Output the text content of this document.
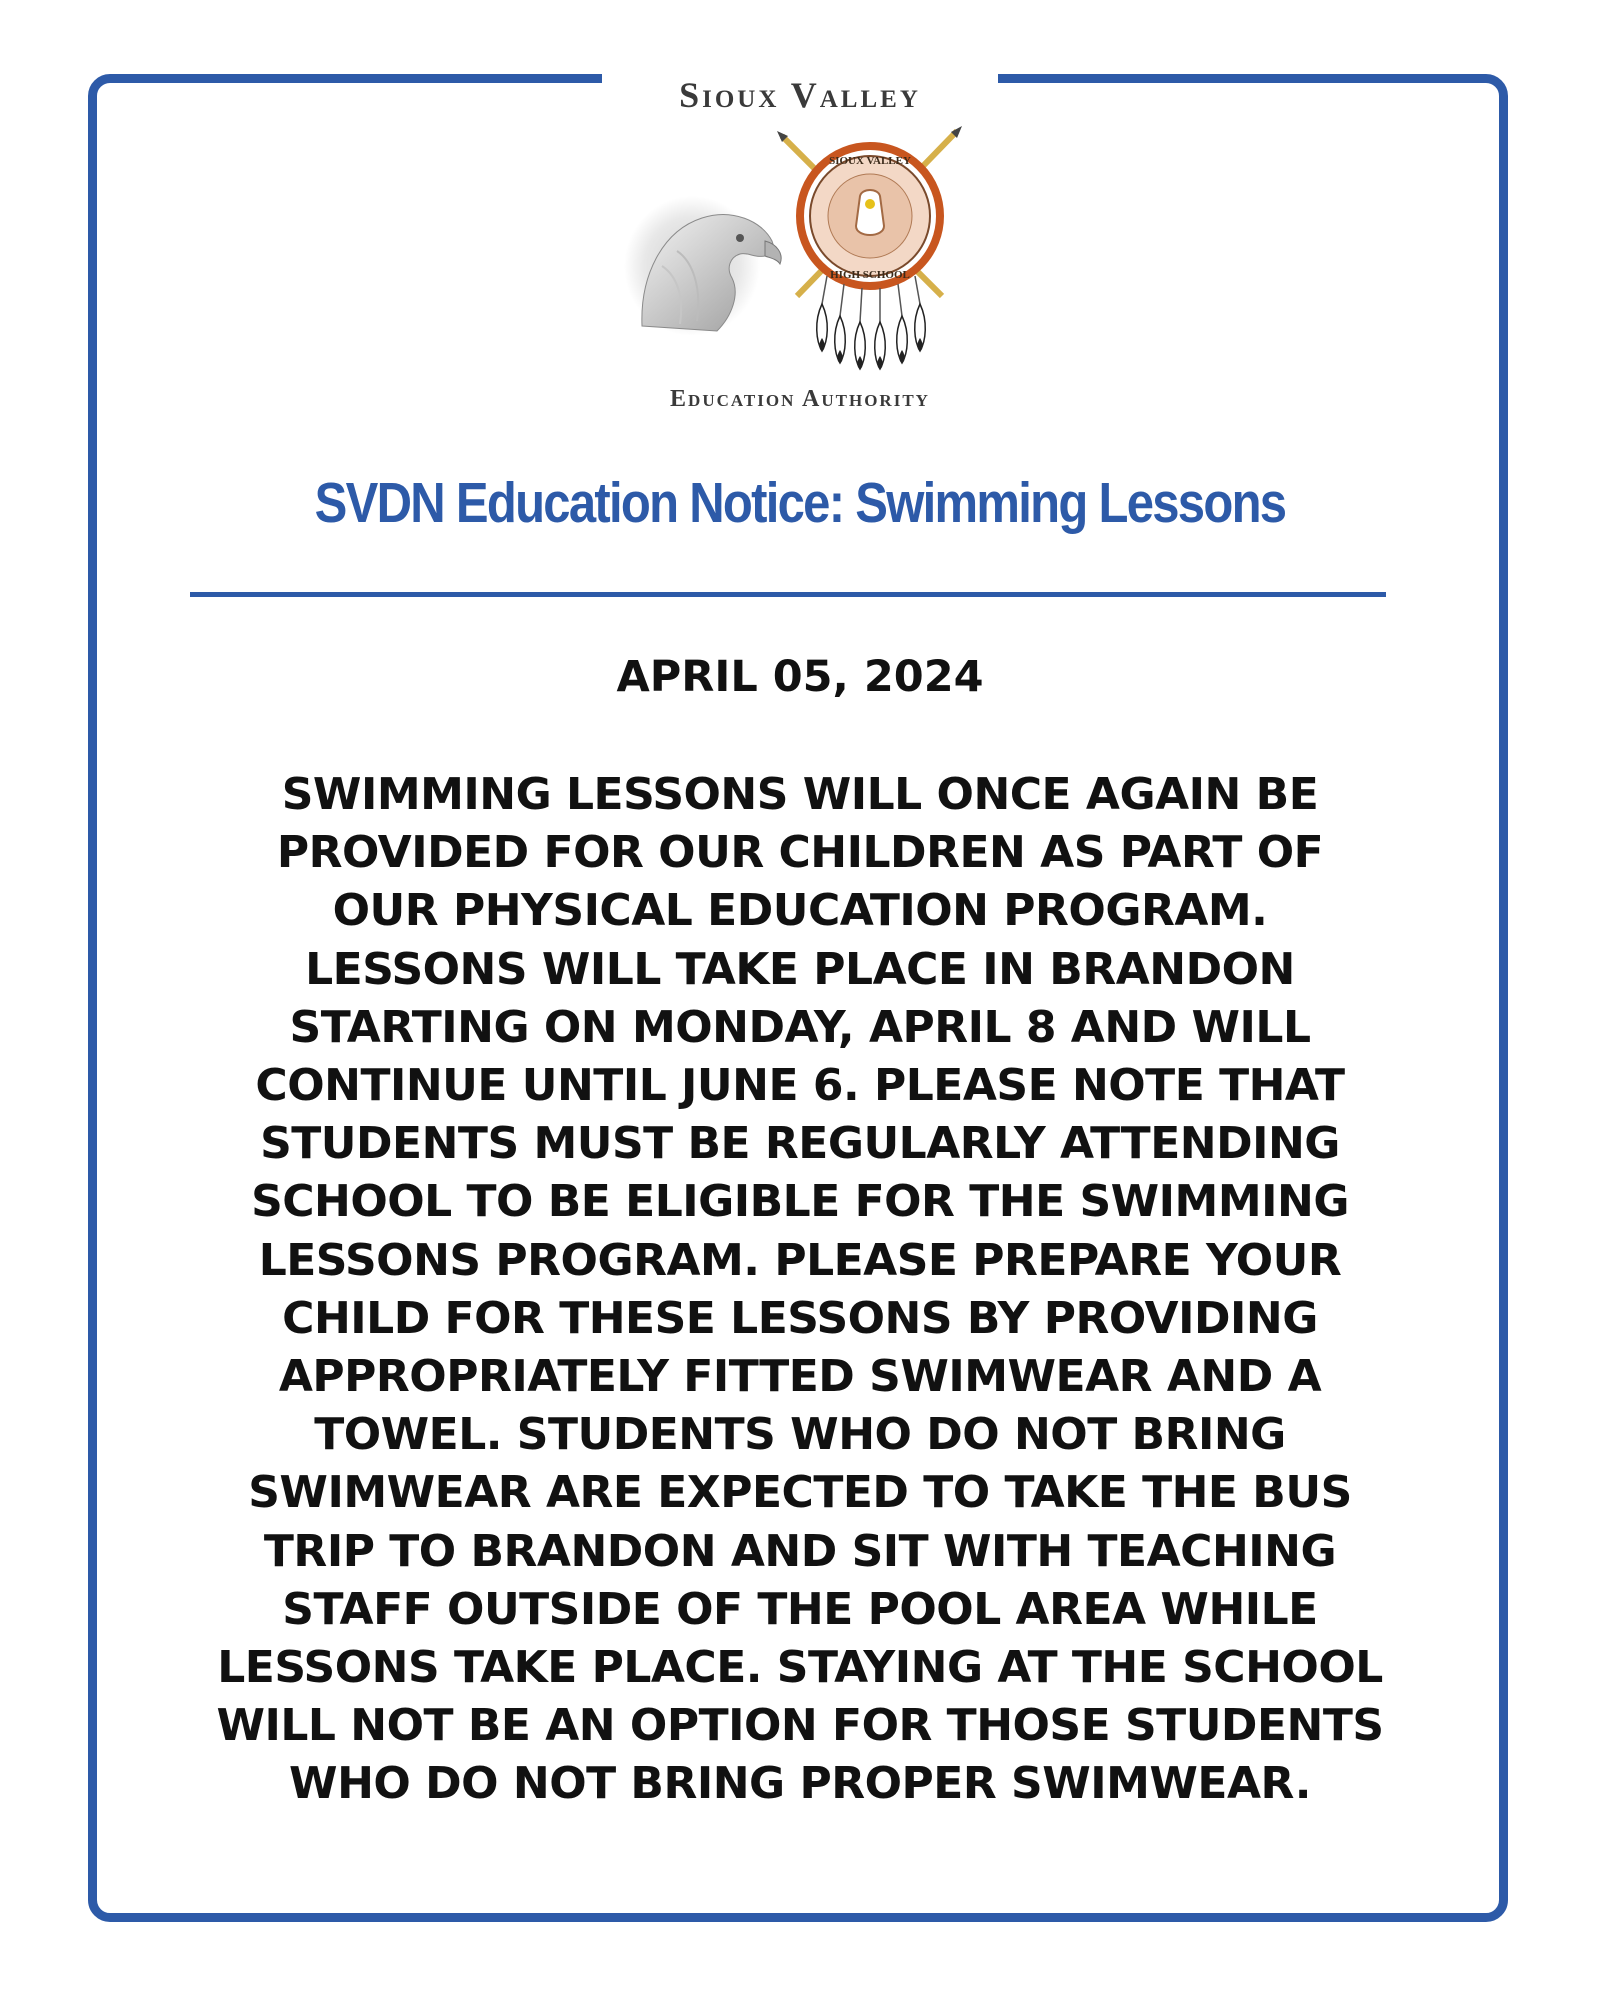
Sioux Valley
SIOUX VALLEY
HIGH SCHOOL
Education Authority
SVDN Education Notice: Swimming Lessons
APRIL 05, 2024
SWIMMING LESSONS WILL ONCE AGAIN BE
PROVIDED FOR OUR CHILDREN AS PART OF
OUR PHYSICAL EDUCATION PROGRAM.
LESSONS WILL TAKE PLACE IN BRANDON
STARTING ON MONDAY, APRIL 8 AND WILL
CONTINUE UNTIL JUNE 6. PLEASE NOTE THAT
STUDENTS MUST BE REGULARLY ATTENDING
SCHOOL TO BE ELIGIBLE FOR THE SWIMMING
LESSONS PROGRAM. PLEASE PREPARE YOUR
CHILD FOR THESE LESSONS BY PROVIDING
APPROPRIATELY FITTED SWIMWEAR AND A
TOWEL. STUDENTS WHO DO NOT BRING
SWIMWEAR ARE EXPECTED TO TAKE THE BUS
TRIP TO BRANDON AND SIT WITH TEACHING
STAFF OUTSIDE OF THE POOL AREA WHILE
LESSONS TAKE PLACE. STAYING AT THE SCHOOL
WILL NOT BE AN OPTION FOR THOSE STUDENTS
WHO DO NOT BRING PROPER SWIMWEAR.
